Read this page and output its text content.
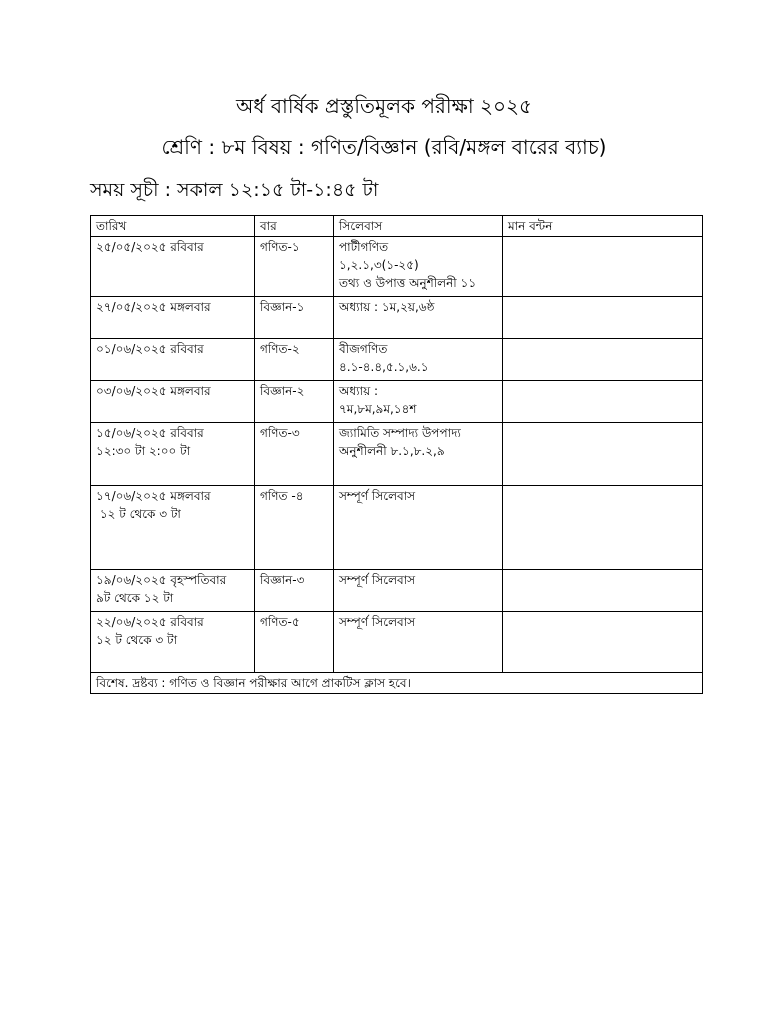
অর্ধ বার্ষিক প্রস্তুতিমূলক পরীক্ষা ২০২৫
শ্রেণি : ৮ম বিষয় : গণিত/বিজ্ঞান (রবি/মঙ্গল বারের ব্যাচ)
সময় সূচী : সকাল ১২:১৫ টা-১:৪৫ টা
তারিখ	বার	সিলেবাস	মান বন্টন

২৫/০৫/২০২৫ রবিবার	গণিত-১	পাটীগণিত
১,২.১,৩(১-২৫)
তথ্য ও উপাত্ত অনুশীলনী ১১	

২৭/০৫/২০২৫ মঙ্গলবার	বিজ্ঞান-১	অধ্যায় : ১ম,২য়,৬ষ্ঠ	

০১/০৬/২০২৫ রবিবার	গণিত-২	বীজগণিত
৪.১-৪.৪,৫.১,৬.১	

০৩/০৬/২০২৫ মঙ্গলবার	বিজ্ঞান-২	অধ্যায় :
৭ম,৮ম,৯ম,১৪শ	

১৫/০৬/২০২৫ রবিবার
১২:৩০ টা ২:০০ টা	গণিত-৩	জ্যামিতি সম্পাদ্য উপপাদ্য
অনুশীলনী ৮.১,৮.২,৯	

১৭/০৬/২০২৫ মঙ্গলবার
১২ ট থেকে ৩ টা	গণিত -৪	সম্পূর্ণ সিলেবাস	

১৯/০৬/২০২৫ বৃহস্পতিবার
৯ট থেকে ১২ টা	বিজ্ঞান-৩	সম্পূর্ণ সিলেবাস	

২২/০৬/২০২৫ রবিবার
১২ ট থেকে ৩ টা	গণিত-৫	সম্পূর্ণ সিলেবাস	

বিশেষ. দ্রষ্টব্য : গণিত ও বিজ্ঞান পরীক্ষার আগে প্রাকটিস ক্লাস হবে।			
